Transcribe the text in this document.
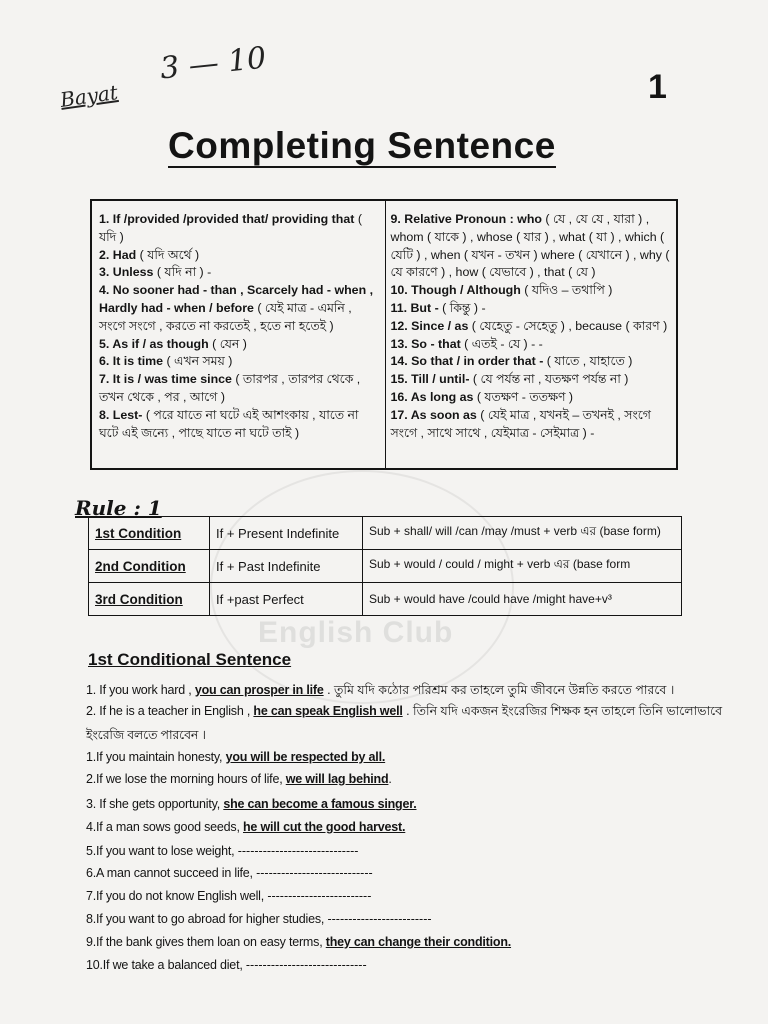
English Club
Bayat
3 — 10
1
Completing Sentence

1. If /provided /provided that/ providing that ( যদি )

2. Had ( যদি অর্থে )

3. Unless ( যদি না ) -

4. No sooner had - than , Scarcely had - when , Hardly had - when / before ( যেই মাত্র - এমনি , সংগে সংগে , করতে না করতেই , হতে না হতেই )

5. As if / as though ( যেন )

6. It is time ( এখন সময় )

7. It is / was time since ( তারপর , তারপর থেকে , তখন থেকে , পর , আগে )

8. Lest- ( পরে যাতে না ঘটে এই আশংকায় , যাতে না ঘটে এই জন্যে , পাছে যাতে না ঘটে তাই )

9. Relative Pronoun : who ( যে , যে যে , যারা ) , whom ( যাকে ) , whose ( যার ) , what ( যা ) , which ( যেটি ) , when ( যখন - তখন ) where ( যেখানে ) , why ( যে কারণে ) , how ( যেভাবে ) , that ( যে )

10. Though / Although ( যদিও – তথাপি )

11. But - ( কিন্তু ) -

12. Since / as ( যেহেতু - সেহেতু ) , because ( কারণ )

13. So - that ( এতই - যে ) - -

14. So that / in order that - ( যাতে , যাহাতে )

15. Till / until- ( যে পর্যন্ত না , যতক্ষণ পর্যন্ত না )

16. As long as ( যতক্ষণ - ততক্ষণ )

17. As soon as ( যেই মাত্র , যখনই – তখনই , সংগে সংগে , সাথে সাথে , যেইমাত্র - সেইমাত্র ) -

Rule : 1
1st Condition	If + Present Indefinite	Sub + shall/ will /can /may /must + verb এর (base form)
2nd Condition	If + Past Indefinite	Sub + would / could / might + verb এর (base form
3rd Condition	If +past Perfect	Sub + would have /could have /might have+v³
1st Conditional Sentence
1. If you work hard , you can prosper in life . তুমি যদি কঠোর পরিশ্রম কর তাহলে তুমি জীবনে উন্নতি করতে পারবে ।
2. If he is a teacher in English , he can speak English well . তিনি যদি একজন ইংরেজির শিক্ষক হন তাহলে তিনি ভালোভাবে
ইংরেজি বলতে পারবেন ।
1.If you maintain honesty, you will be respected by all.
2.If we lose the morning hours of life, we will lag behind.
3. If she gets opportunity, she can become a famous singer.
4.If a man sows good seeds, he will cut the good harvest.
5.If you want to lose weight, -----------------------------
6.A man cannot succeed in life, ----------------------------
7.If you do not know English well, -------------------------
8.If you want to go abroad for higher studies, -------------------------
9.If the bank gives them loan on easy terms, they can change their condition.
10.If we take a balanced diet, -----------------------------
